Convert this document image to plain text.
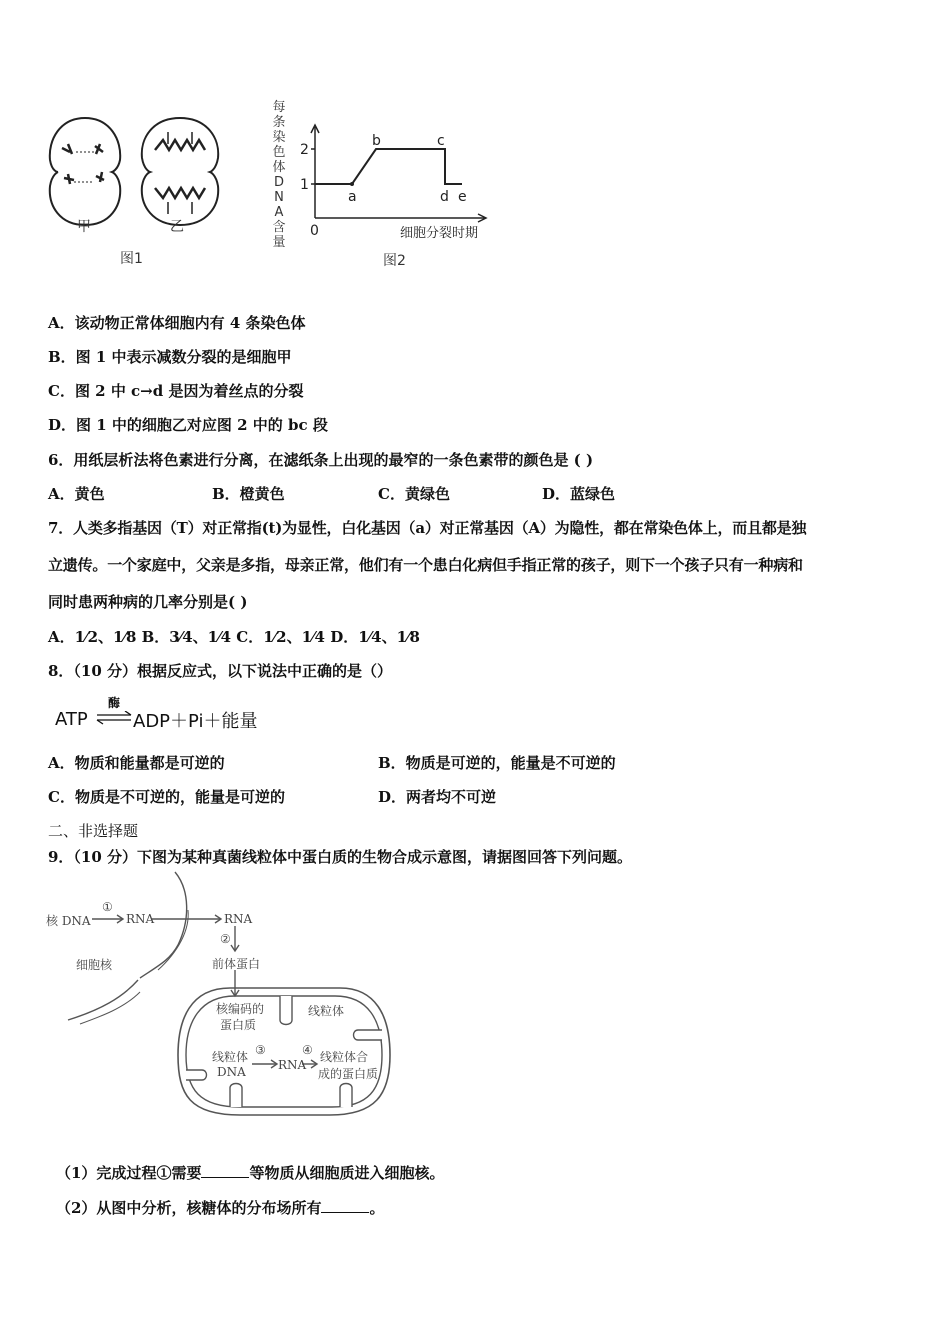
甲	乙
图1
每条染色体DNA含量
1
2
0
a
b	c
d e
细胞分裂时期
图2
A．该动物正常体细胞内有 4 条染色体
B．图 1 中表示减数分裂的是细胞甲
C．图 2 中 c→d 是因为着丝点的分裂
D．图 1 中的细胞乙对应图 2 中的 bc 段
6．用纸层析法将色素进行分离，在滤纸条上出现的最窄的一条色素带的颜色是 ( )
A．黄色	B．橙黄色	C．黄绿色	D．蓝绿色
7．人类多指基因（T）对正常指(t)为显性，白化基因（a）对正常基因（A）为隐性，都在常染色体上，而且都是独
立遗传。一个家庭中，父亲是多指，母亲正常，他们有一个患白化病但手指正常的孩子，则下一个孩子只有一种病和
同时患两种病的几率分别是( )
A．1⁄2、1⁄8 B．3⁄4、1⁄4 C．1⁄2、1⁄4 D．1⁄4、1⁄8
8．（10 分）根据反应式，以下说法中正确的是（）
ATP
酶
⇌ ADP＋Pi＋能量
A．物质和能量都是可逆的	B．物质是可逆的，能量是不可逆的
C．物质是不可逆的，能量是可逆的	D．两者均不可逆
二、非选择题
9．（10 分）下图为某种真菌线粒体中蛋白质的生物合成示意图，请据图回答下列问题。
核 DNA
①
RNA	RNA
②
细胞核	前体蛋白
核编码的
蛋白质
线粒体
线粒体 ③
DNA	RNA
④ 线粒体合
成的蛋白质
（1）完成过程①需要	等物质从细胞质进入细胞核。
（2）从图中分析，核糖体的分布场所有	。
